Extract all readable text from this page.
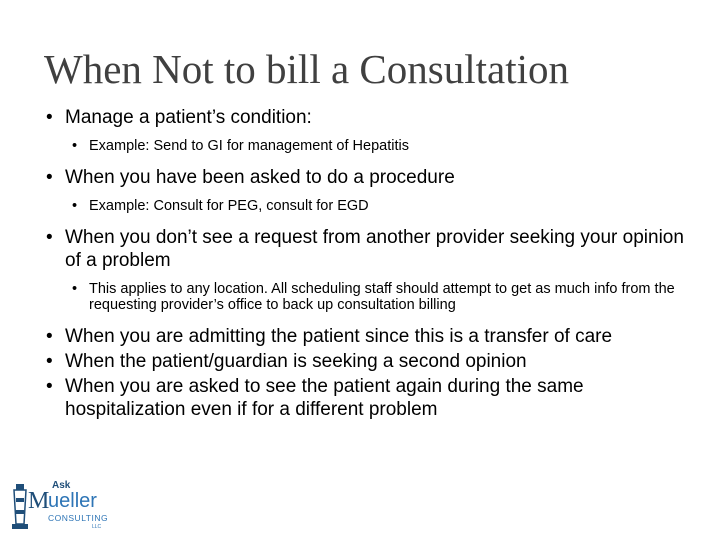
When Not to bill a Consultation
• Manage a patient’s condition:
• Example: Send to GI for management of Hepatitis
• When you have been asked to do a procedure
• Example: Consult for PEG, consult for EGD
• When you don’t see a request from another provider seeking your opinion of a problem
• This applies to any location. All scheduling staff should attempt to get as much info from the requesting provider’s office to back up consultation billing
• When you are admitting the patient since this is a transfer of care
• When the patient/guardian is seeking a second opinion
• When you are asked to see the patient again during the same hospitalization even if for a different problem
Ask
M
ueller
CONSULTING
LLC
